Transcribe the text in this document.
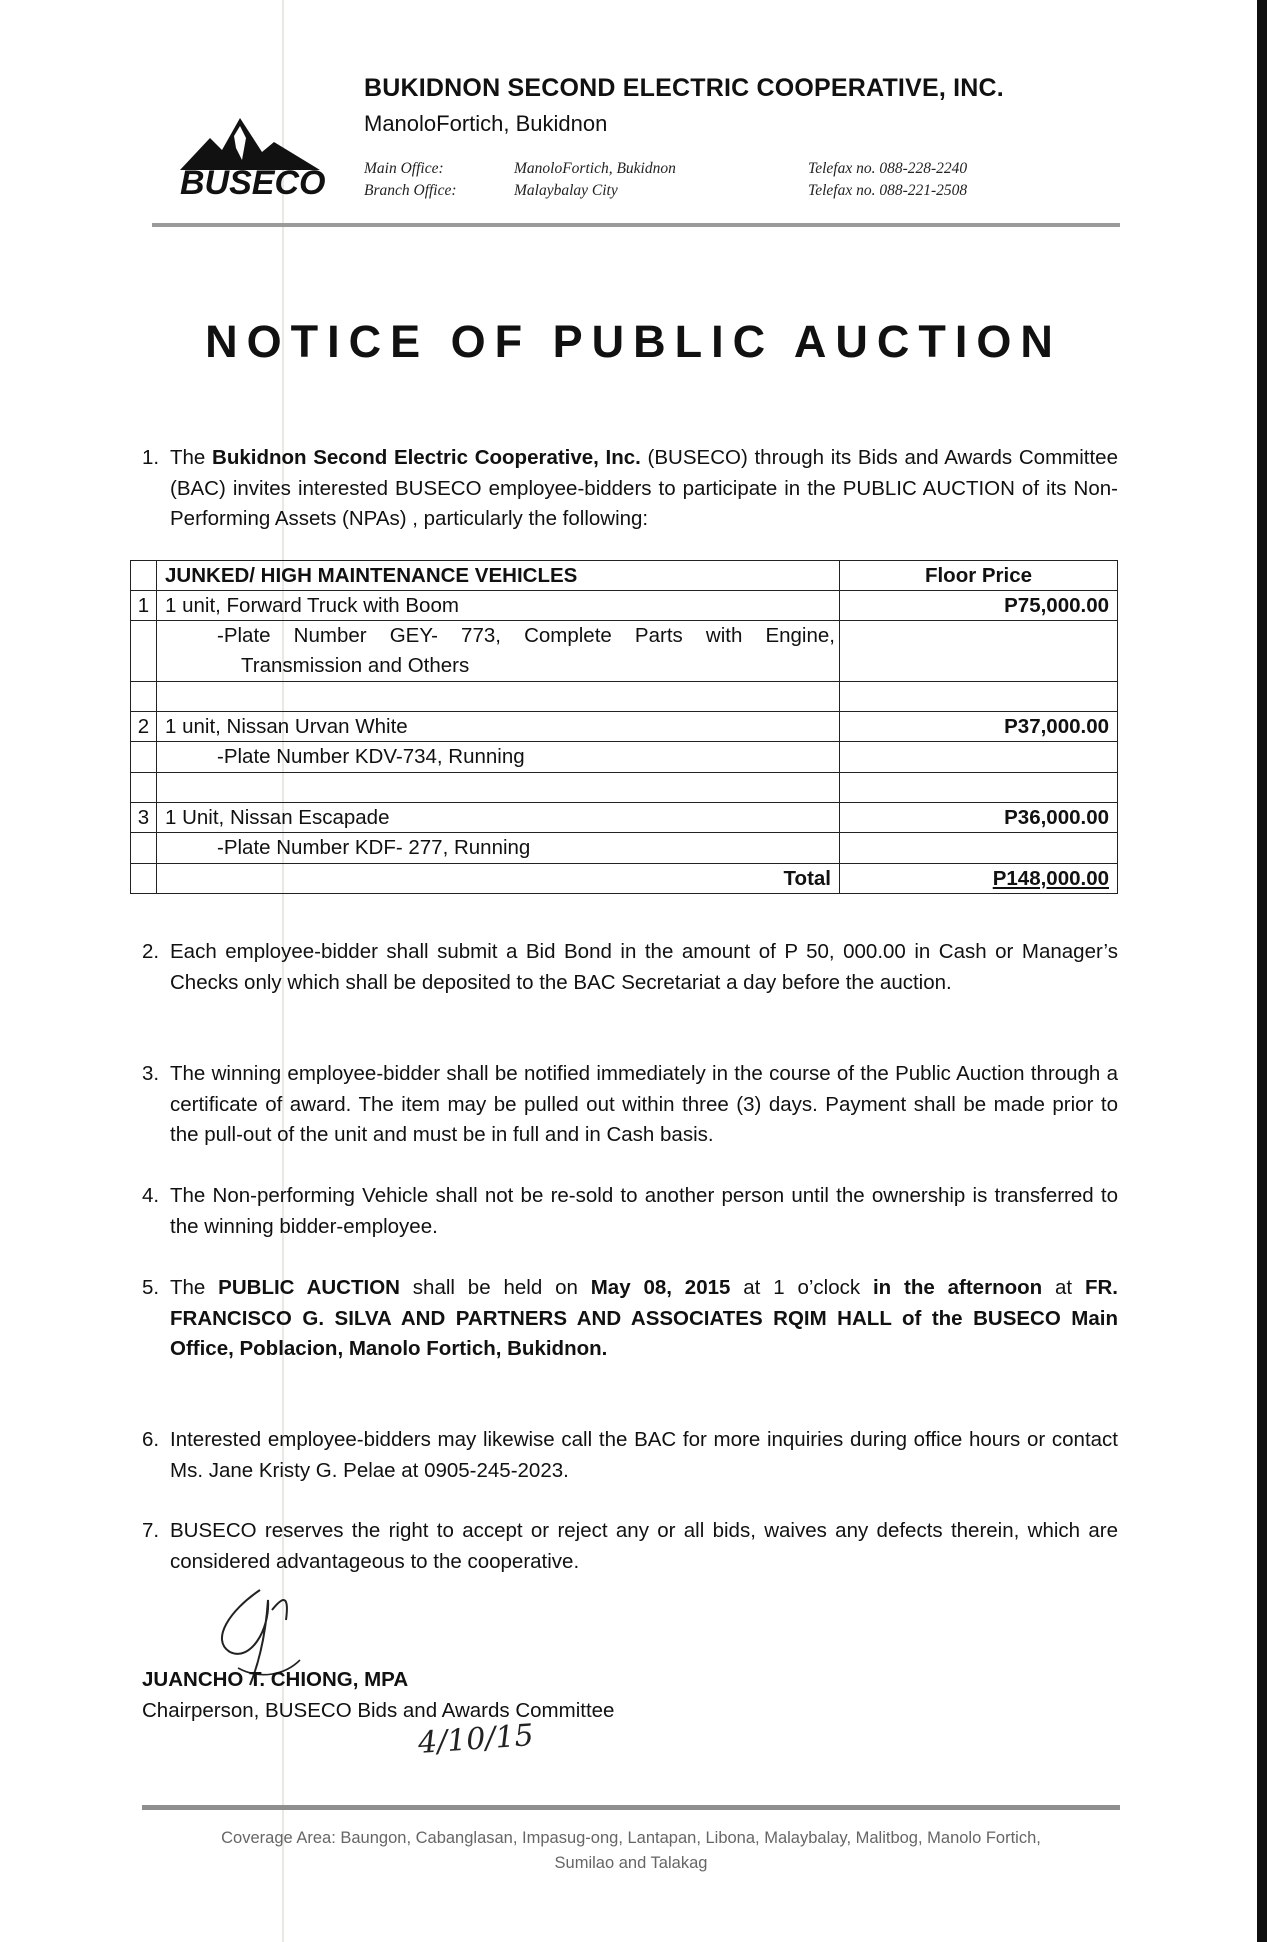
BUSECO
BUKIDNON SECOND ELECTRIC COOPERATIVE, INC.
ManoloFortich, Bukidnon
Main Office:	ManoloFortich, Bukidnon	Telefax no. 088-228-2240
Branch Office:	Malaybalay City	Telefax no. 088-221-2508
NOTICE OF PUBLIC AUCTION
1. The Bukidnon Second Electric Cooperative, Inc. (BUSECO) through its Bids and Awards Committee (BAC) invites interested BUSECO employee-bidders to participate in the PUBLIC AUCTION of its Non-Performing Assets (NPAs) , particularly the following:
	JUNKED/ HIGH MAINTENANCE VEHICLES	Floor Price
1	1 unit, Forward Truck with Boom	P75,000.00
	-Plate Number GEY- 773, Complete Parts with Engine, Transmission and Others	

2	1 unit, Nissan Urvan White	P37,000.00
	-Plate Number KDV-734, Running	

3	1 Unit, Nissan Escapade	P36,000.00
	-Plate Number KDF- 277, Running	
	Total	P148,000.00
2. Each employee-bidder shall submit a Bid Bond in the amount of P 50, 000.00 in Cash or Manager’s Checks only which shall be deposited to the BAC Secretariat a day before the auction.
3. The winning employee-bidder shall be notified immediately in the course of the Public Auction through a certificate of award. The item may be pulled out within three (3) days. Payment shall be made prior to the pull-out of the unit and must be in full and in Cash basis.
4. The Non-performing Vehicle shall not be re-sold to another person until the ownership is transferred to the winning bidder-employee.
5. The PUBLIC AUCTION shall be held on May 08, 2015 at 1 o’clock in the afternoon at FR. FRANCISCO G. SILVA AND PARTNERS AND ASSOCIATES RQIM HALL of the BUSECO Main Office, Poblacion, Manolo Fortich, Bukidnon.
6. Interested employee-bidders may likewise call the BAC for more inquiries during office hours or contact Ms. Jane Kristy G. Pelae at 0905-245-2023.
7. BUSECO reserves the right to accept or reject any or all bids, waives any defects therein, which are considered advantageous to the cooperative.
JUANCHO T. CHIONG, MPA
Chairperson, BUSECO Bids and Awards Committee
4/10/15
Coverage Area: Baungon, Cabanglasan, Impasug-ong, Lantapan, Libona, Malaybalay, Malitbog, Manolo Fortich,
Sumilao and Talakag
